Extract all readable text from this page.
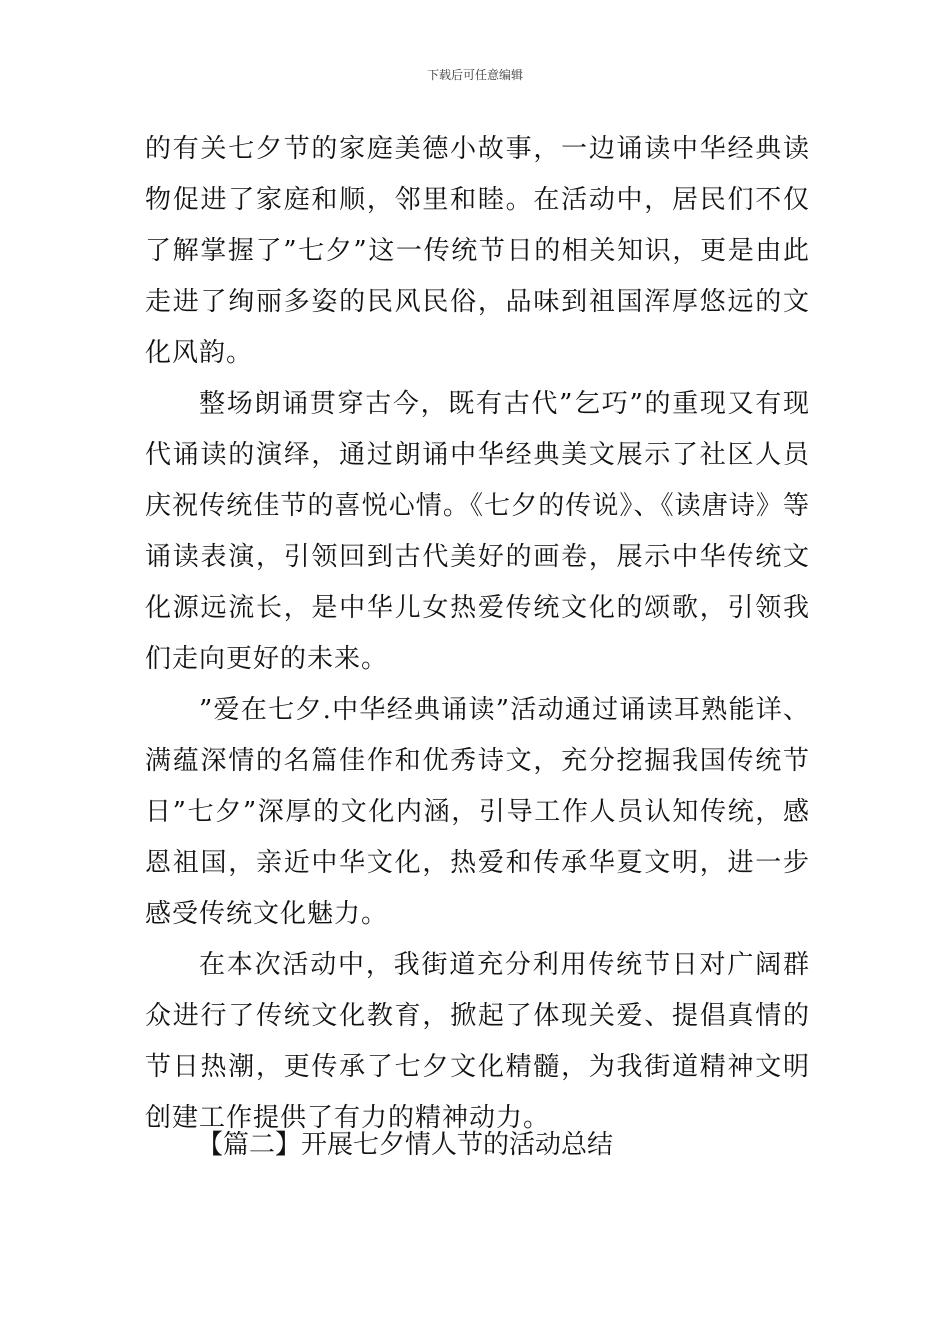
下载后可任意编辑

的有关七夕节的家庭美德小故事，一边诵读中华经典读物促进了家庭和顺，邻里和睦。在活动中，居民们不仅了解掌握了”七夕”这一传统节日的相关知识，更是由此走进了绚丽多姿的民风民俗，品味到祖国浑厚悠远的文化风韵。

整场朗诵贯穿古今，既有古代”乞巧”的重现又有现代诵读的演绎，通过朗诵中华经典美文展示了社区人员庆祝传统佳节的喜悦心情。《七夕的传说》、《读唐诗》等诵读表演，引领回到古代美好的画卷，展示中华传统文化源远流长，是中华儿女热爱传统文化的颂歌，引领我们走向更好的未来。

”爱在七夕.中华经典诵读”活动通过诵读耳熟能详、满蕴深情的名篇佳作和优秀诗文，充分挖掘我国传统节日”七夕”深厚的文化内涵，引导工作人员认知传统，感恩祖国，亲近中华文化，热爱和传承华夏文明，进一步感受传统文化魅力。

在本次活动中，我街道充分利用传统节日对广阔群众进行了传统文化教育，掀起了体现关爱、提倡真情的节日热潮，更传承了七夕文化精髓，为我街道精神文明创建工作提供了有力的精神动力。

【篇二】开展七夕情人节的活动总结
